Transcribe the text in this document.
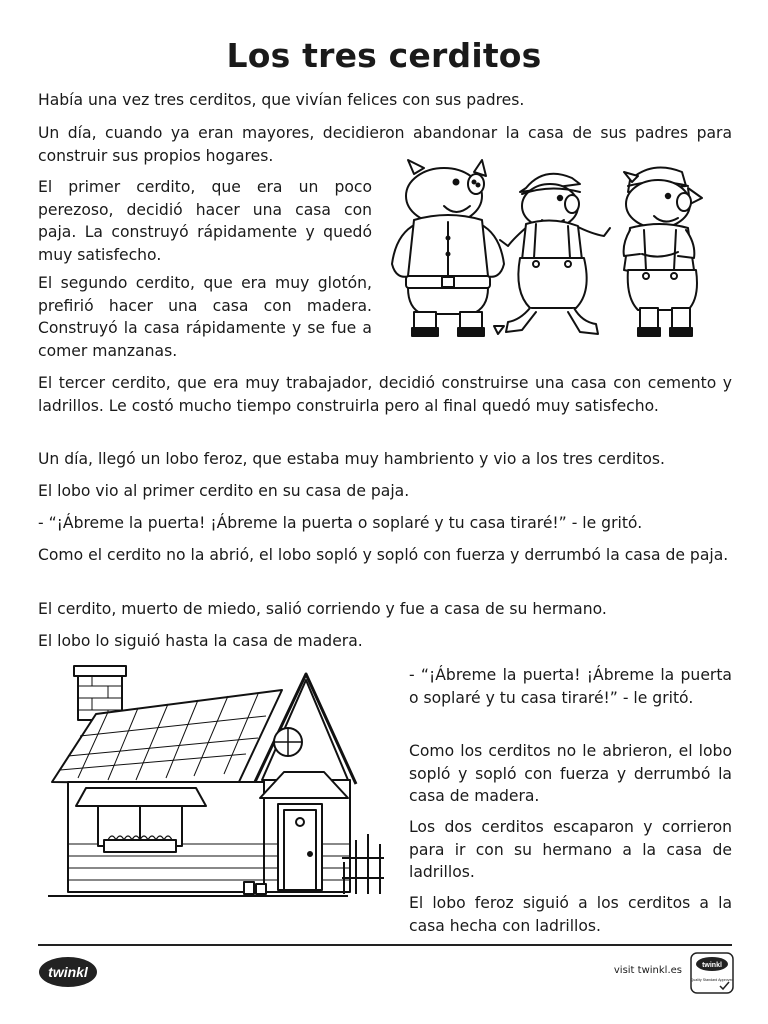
Los tres cerditos

Había una vez tres cerditos, que vivían felices con sus padres.

Un día, cuando ya eran mayores, decidieron abandonar la casa de sus padres para construir sus propios hogares.

El primer cerdito, que era un poco perezoso, decidió hacer una casa con paja. La construyó rápidamente y quedó muy satisfecho.

El segundo cerdito, que era muy glotón, prefirió hacer una casa con madera. Construyó la casa rápidamente y se fue a comer manzanas.

El tercer cerdito, que era muy trabajador, decidió construirse una casa con cemento y ladrillos. Le costó mucho tiempo construirla pero al final quedó muy satisfecho.

Un día, llegó un lobo feroz, que estaba muy hambriento y vio a los tres cerditos.

El lobo vio al primer cerdito en su casa de paja.

- “¡Ábreme la puerta! ¡Ábreme la puerta o soplaré y tu casa tiraré!” - le gritó.

Como el cerdito no la abrió, el lobo sopló y sopló con fuerza y derrumbó la casa de paja.

El cerdito, muerto de miedo, salió corriendo y fue a casa de su hermano.

El lobo lo siguió hasta la casa de madera.

- “¡Ábreme la puerta! ¡Ábreme la puerta o soplaré y tu casa tiraré!” - le gritó.

Como los cerditos no le abrieron, el lobo sopló y sopló con fuerza y derrumbó la casa de madera.

Los dos cerditos escaparon y corrieron para ir con su hermano a la casa de ladrillos.

El lobo feroz siguió a los cerditos a la casa hecha con ladrillos.

twinkl	visit twinkl.es	twinkl
Quality Standard Approved
